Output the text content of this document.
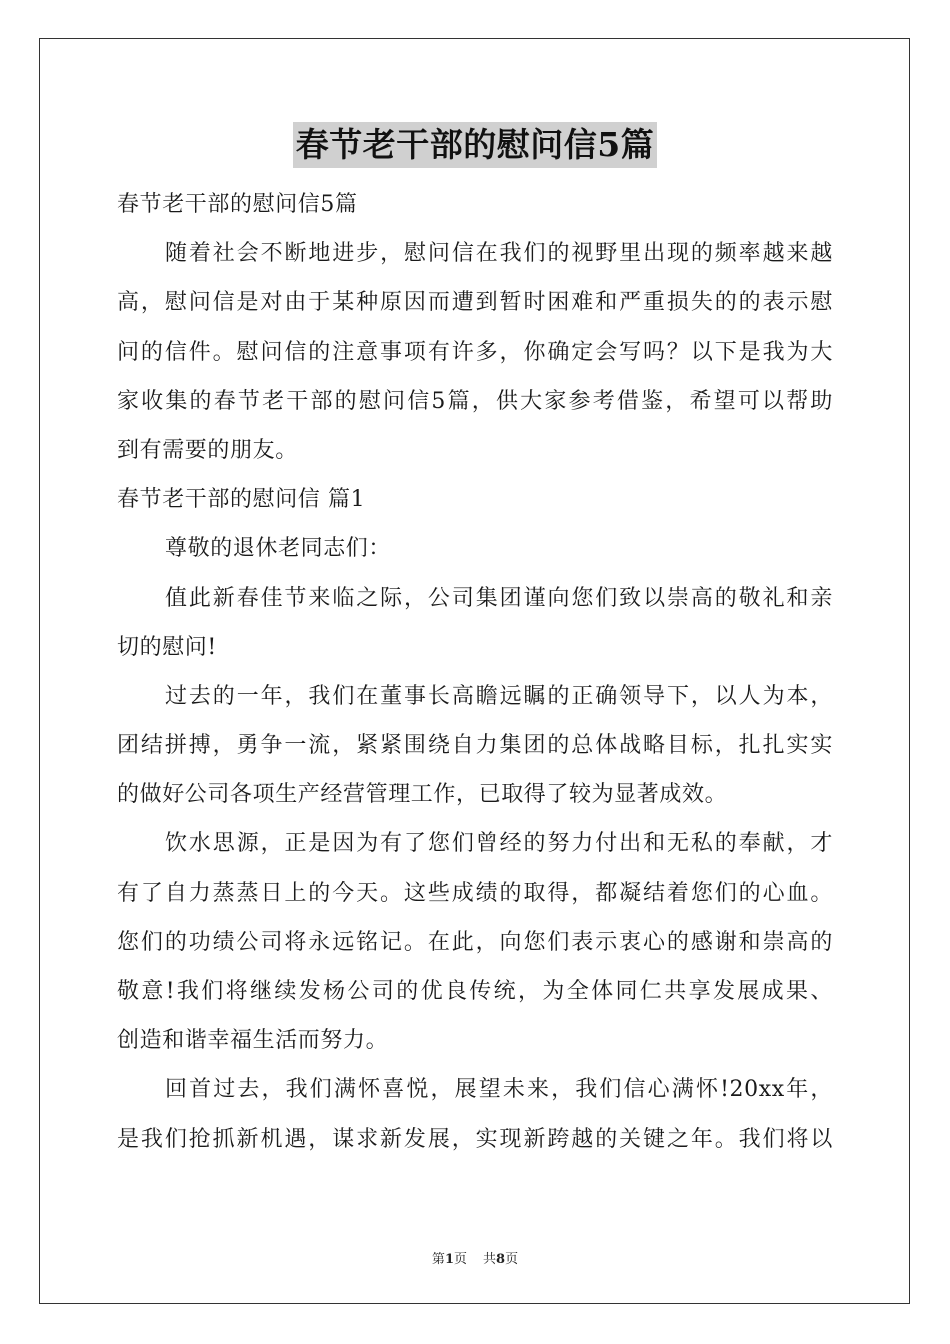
春节老干部的慰问信5篇
春节老干部的慰问信5篇
随着社会不断地进步，慰问信在我们的视野里出现的频率越来越
高，慰问信是对由于某种原因而遭到暂时困难和严重损失的的表示慰
问的信件。慰问信的注意事项有许多，你确定会写吗？以下是我为大
家收集的春节老干部的慰问信5篇，供大家参考借鉴，希望可以帮助
到有需要的朋友。
春节老干部的慰问信 篇1
尊敬的退休老同志们：
值此新春佳节来临之际，公司集团谨向您们致以崇高的敬礼和亲
切的慰问!
过去的一年，我们在董事长高瞻远瞩的正确领导下，以人为本，
团结拼搏，勇争一流，紧紧围绕自力集团的总体战略目标，扎扎实实
的做好公司各项生产经营管理工作，已取得了较为显著成效。
饮水思源，正是因为有了您们曾经的努力付出和无私的奉献，才
有了自力蒸蒸日上的今天。这些成绩的取得，都凝结着您们的心血。
您们的功绩公司将永远铭记。在此，向您们表示衷心的感谢和崇高的
敬意!我们将继续发杨公司的优良传统，为全体同仁共享发展成果、
创造和谐幸福生活而努力。
回首过去，我们满怀喜悦，展望未来，我们信心满怀!20xx年，
是我们抢抓新机遇，谋求新发展，实现新跨越的关键之年。我们将以
第1页 共8页
